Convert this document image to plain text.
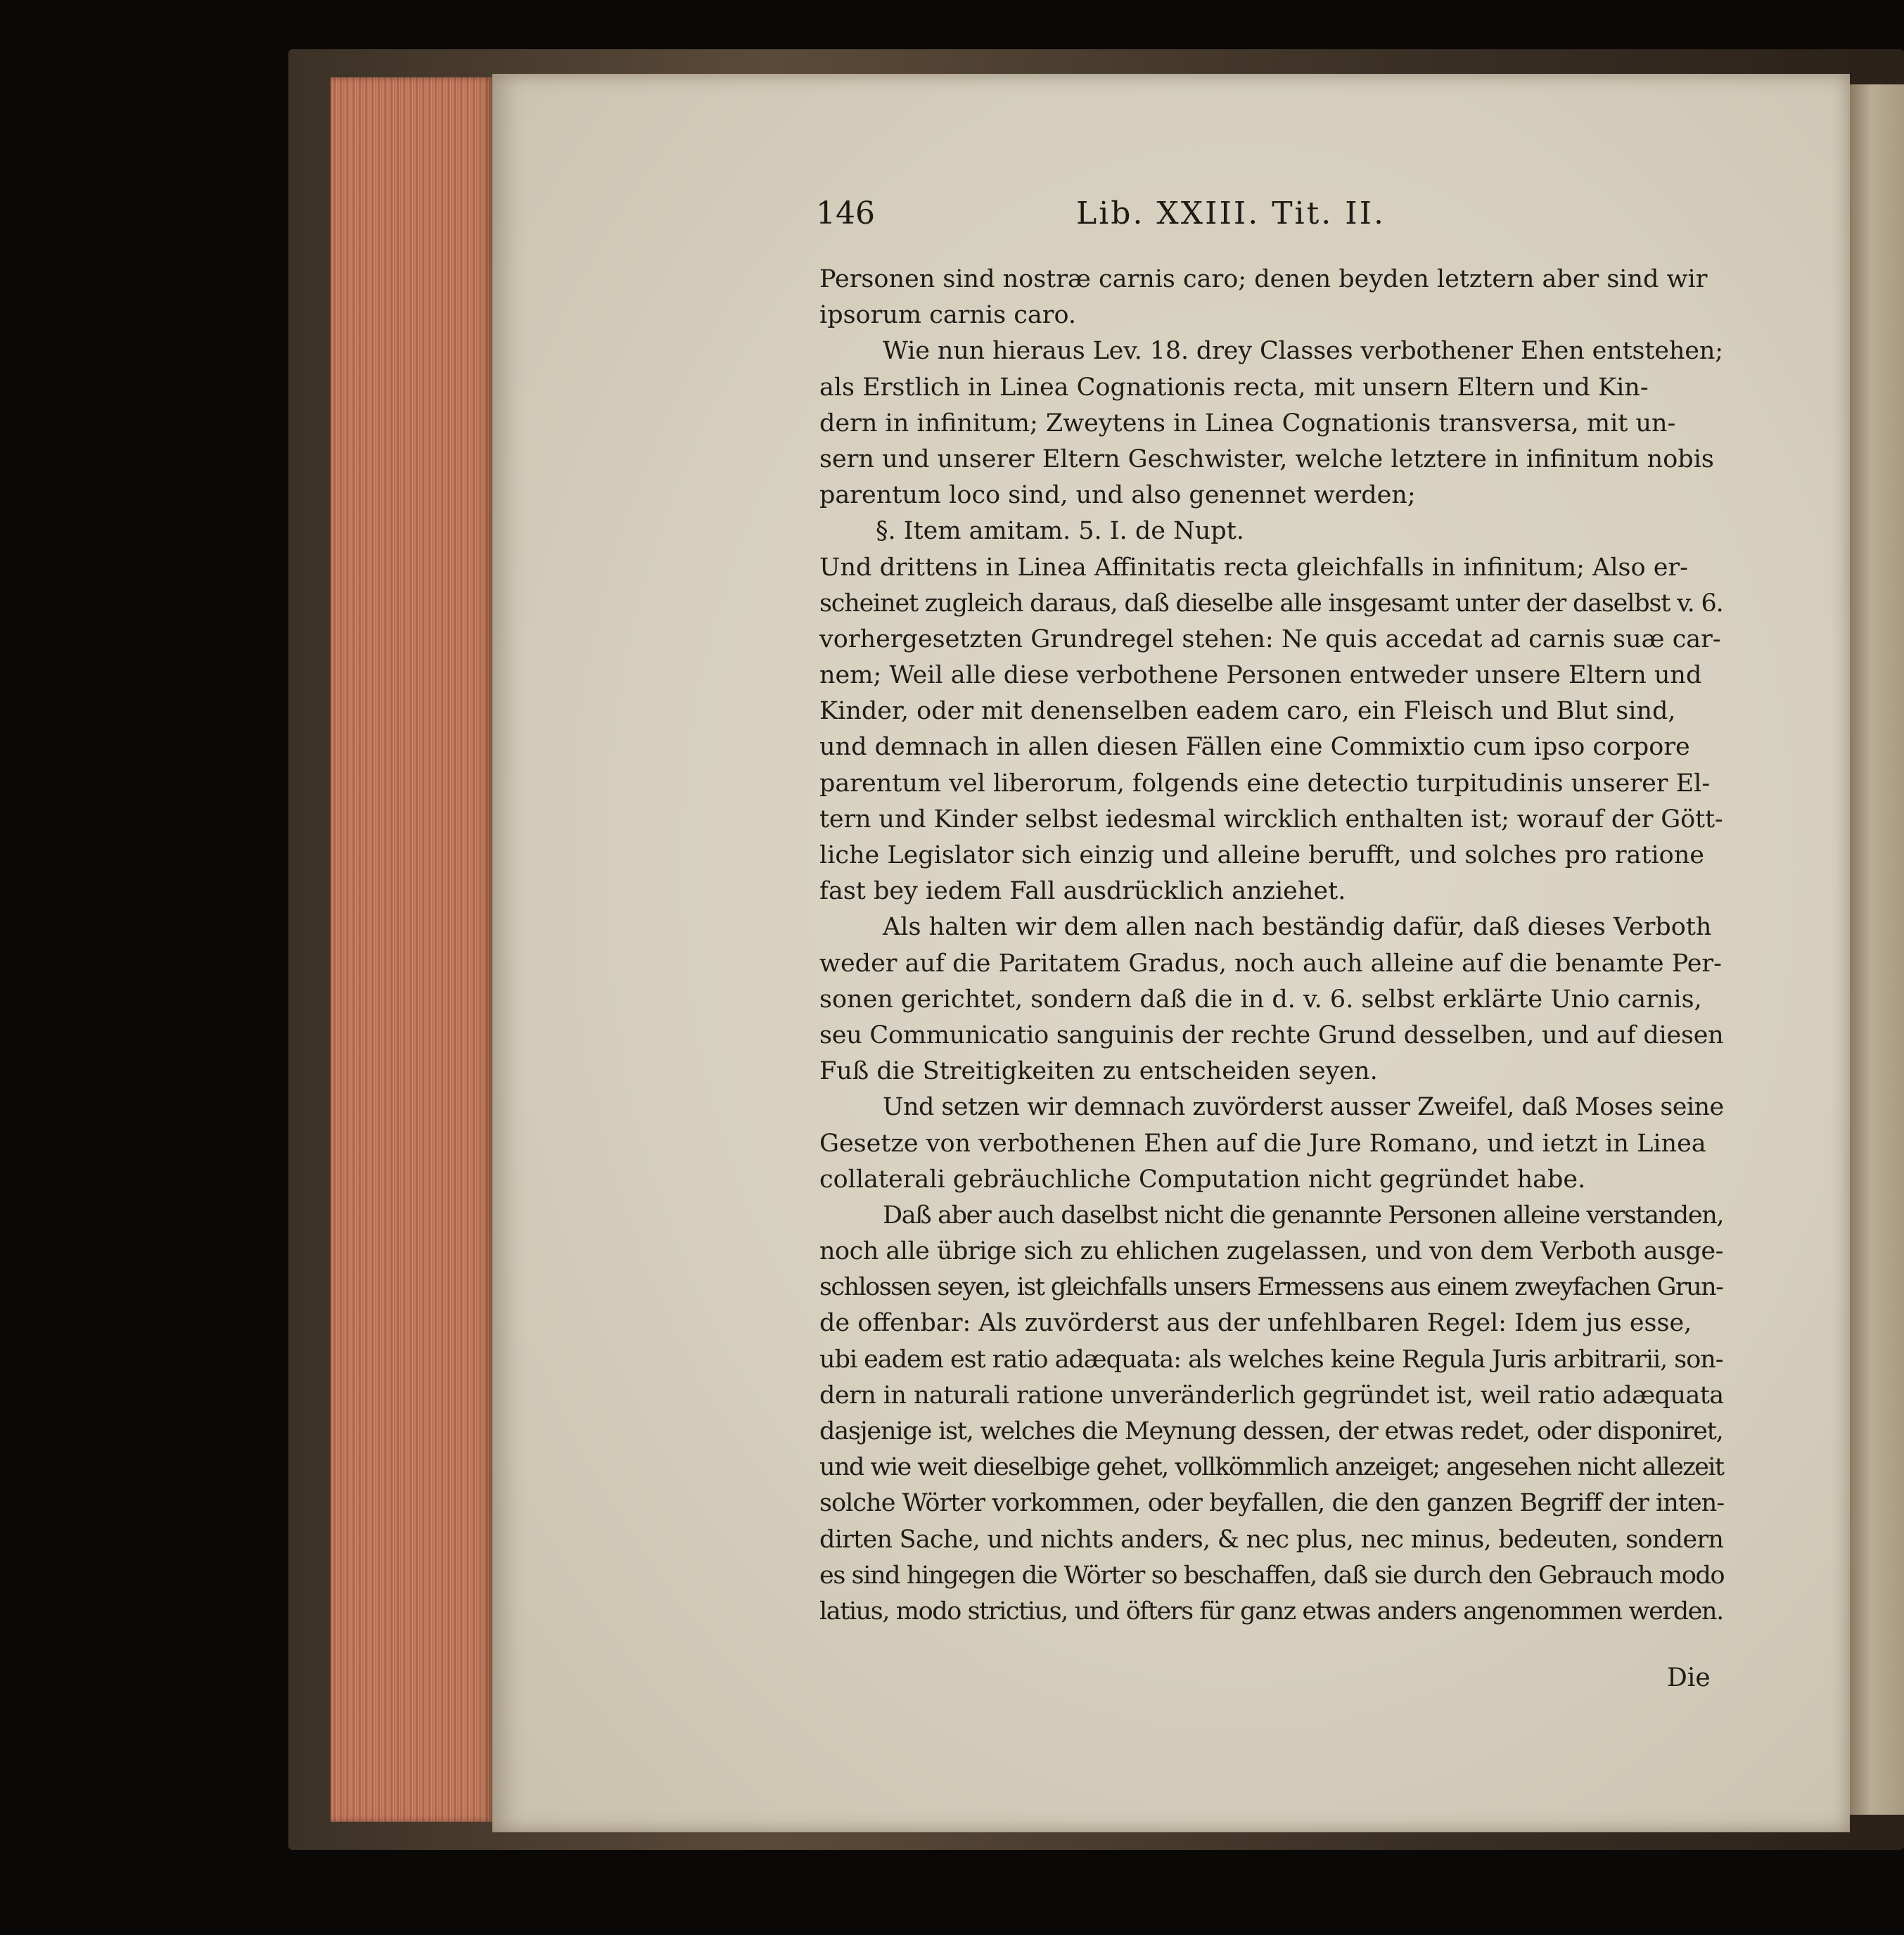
146	Lib. XXIII. Tit. II.
Personen sind nostræ carnis caro; denen beyden letztern aber sind wir
ipsorum carnis caro.
Wie nun hieraus Lev. 18. drey Classes verbothener Ehen entstehen;
als Erstlich in Linea Cognationis recta, mit unsern Eltern und Kin-
dern in infinitum; Zweytens in Linea Cognationis transversa, mit un-
sern und unserer Eltern Geschwister, welche letztere in infinitum nobis
parentum loco sind, und also genennet werden;
§. Item amitam. 5. I. de Nupt.
Und drittens in Linea Affinitatis recta gleichfalls in infinitum; Also er-
scheinet zugleich daraus, daß dieselbe alle insgesamt unter der daselbst v. 6.
vorhergesetzten Grundregel stehen: Ne quis accedat ad carnis suæ car-
nem; Weil alle diese verbothene Personen entweder unsere Eltern und
Kinder, oder mit denenselben eadem caro, ein Fleisch und Blut sind,
und demnach in allen diesen Fällen eine Commixtio cum ipso corpore
parentum vel liberorum, folgends eine detectio turpitudinis unserer El-
tern und Kinder selbst iedesmal wircklich enthalten ist; worauf der Gött-
liche Legislator sich einzig und alleine berufft, und solches pro ratione
fast bey iedem Fall ausdrücklich anziehet.
Als halten wir dem allen nach beständig dafür, daß dieses Verboth
weder auf die Paritatem Gradus, noch auch alleine auf die benamte Per-
sonen gerichtet, sondern daß die in d. v. 6. selbst erklärte Unio carnis,
seu Communicatio sanguinis der rechte Grund desselben, und auf diesen
Fuß die Streitigkeiten zu entscheiden seyen.
Und setzen wir demnach zuvörderst ausser Zweifel, daß Moses seine
Gesetze von verbothenen Ehen auf die Jure Romano, und ietzt in Linea
collaterali gebräuchliche Computation nicht gegründet habe.
Daß aber auch daselbst nicht die genannte Personen alleine verstanden,
noch alle übrige sich zu ehlichen zugelassen, und von dem Verboth ausge-
schlossen seyen, ist gleichfalls unsers Ermessens aus einem zweyfachen Grun-
de offenbar: Als zuvörderst aus der unfehlbaren Regel: Idem jus esse,
ubi eadem est ratio adæquata: als welches keine Regula Juris arbitrarii, son-
dern in naturali ratione unveränderlich gegründet ist, weil ratio adæquata
dasjenige ist, welches die Meynung dessen, der etwas redet, oder disponiret,
und wie weit dieselbige gehet, vollkömmlich anzeiget; angesehen nicht allezeit
solche Wörter vorkommen, oder beyfallen, die den ganzen Begriff der inten-
dirten Sache, und nichts anders, & nec plus, nec minus, bedeuten, sondern
es sind hingegen die Wörter so beschaffen, daß sie durch den Gebrauch modo
latius, modo strictius, und öfters für ganz etwas anders angenommen werden.
Die
